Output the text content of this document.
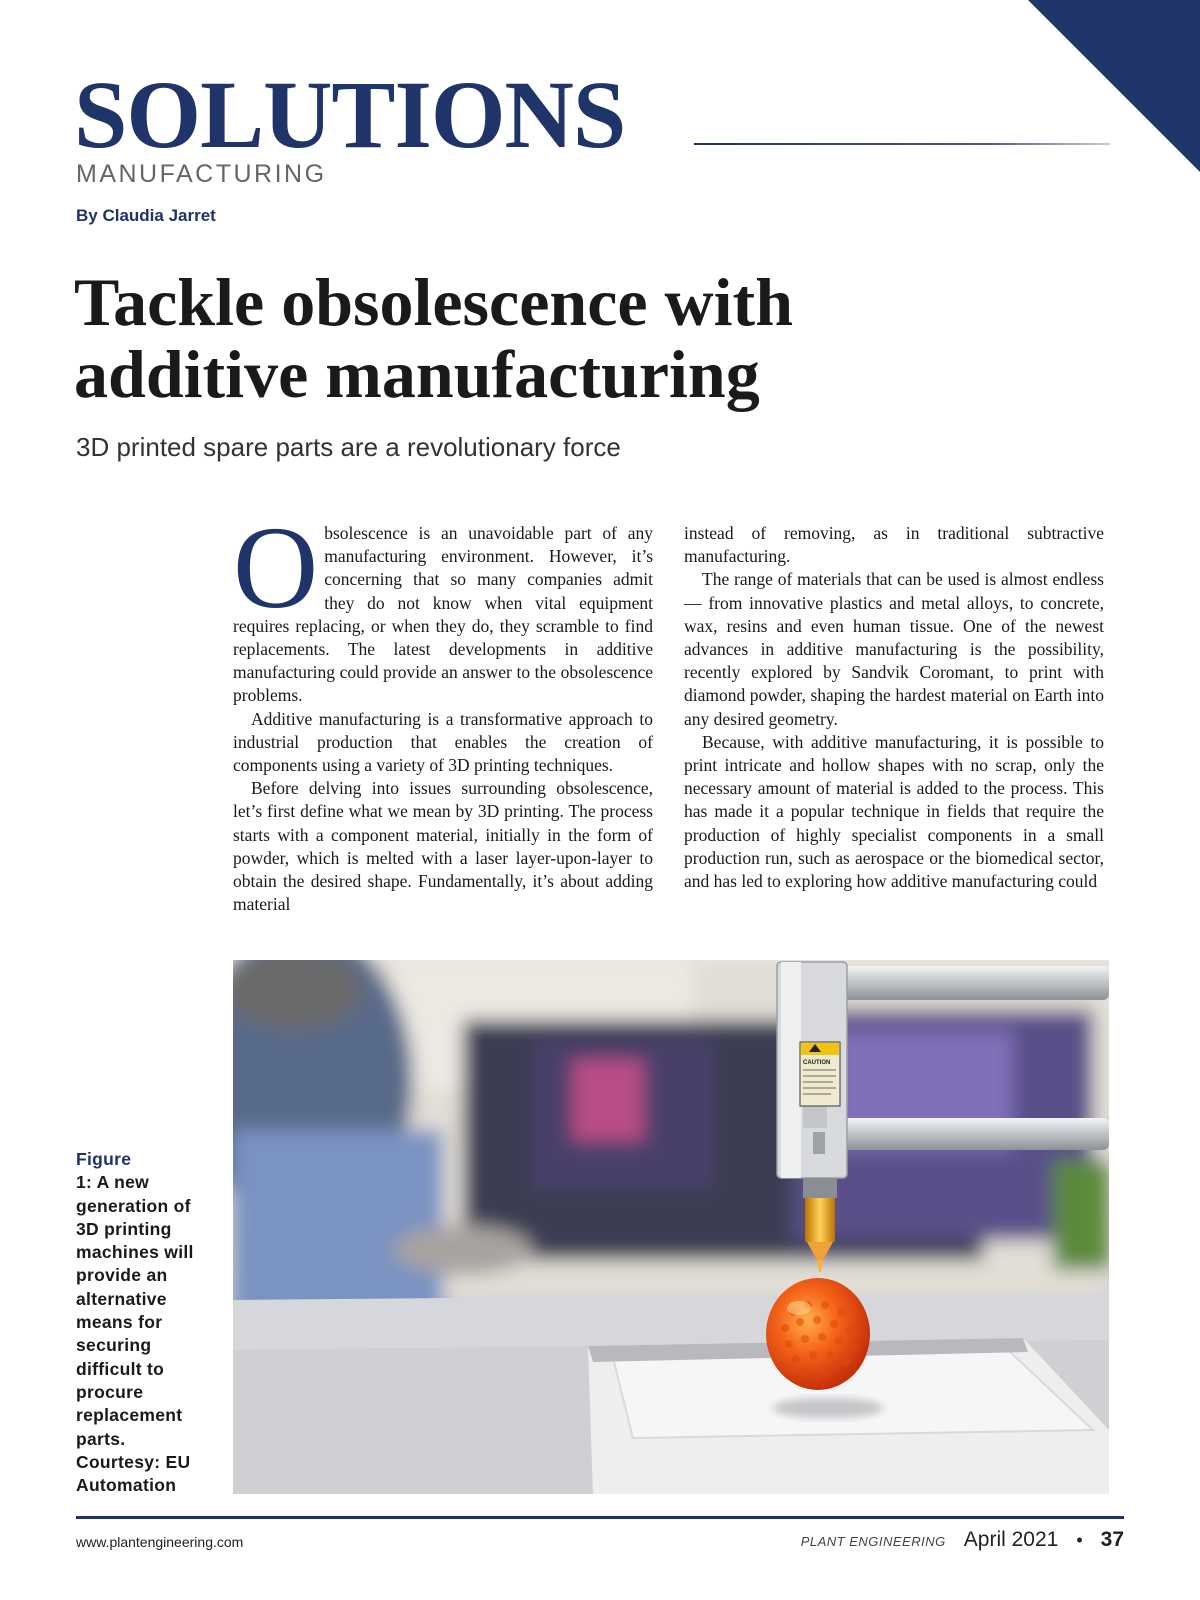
SOLUTIONS
MANUFACTURING
By Claudia Jarret
Tackle obsolescence with
additive manufacturing
3D printed spare parts are a revolutionary force

Obsolescence is an unavoidable part of any manufacturing environment. However, it’s concerning that so many companies admit they do not know when vital equipment requires replacing, or when they do, they scramble to find replacements. The latest developments in additive manufacturing could provide an answer to the obsolescence problems.

Additive manufacturing is a transformative approach to industrial production that enables the creation of components using a variety of 3D printing techniques.

Before delving into issues surrounding obsolescence, let’s first define what we mean by 3D printing. The process starts with a component material, initially in the form of powder, which is melted with a laser layer-upon-layer to obtain the desired shape. Fundamentally, it’s about adding material

instead of removing, as in traditional subtractive manufacturing.

The range of materials that can be used is almost endless — from innovative plastics and metal alloys, to concrete, wax, resins and even human tissue. One of the newest advances in additive manufacturing is the possibility, recently explored by Sandvik Coromant, to print with diamond powder, shaping the hardest material on Earth into any desired geometry.

Because, with additive manufacturing, it is possible to print intricate and hollow shapes with no scrap, only the necessary amount of material is added to the process. This has made it a popular technique in fields that require the production of highly specialist components in a small production run, such as aerospace or the biomedical sector, and has led to exploring how additive manufacturing could

CAUTION
Figure
1: A new generation of 3D printing machines will provide an alternative means for securing difficult to procure replacement parts. Courtesy: EU Automation
www.plantengineering.com	PLANT ENGINEERING April 2021 • 37
